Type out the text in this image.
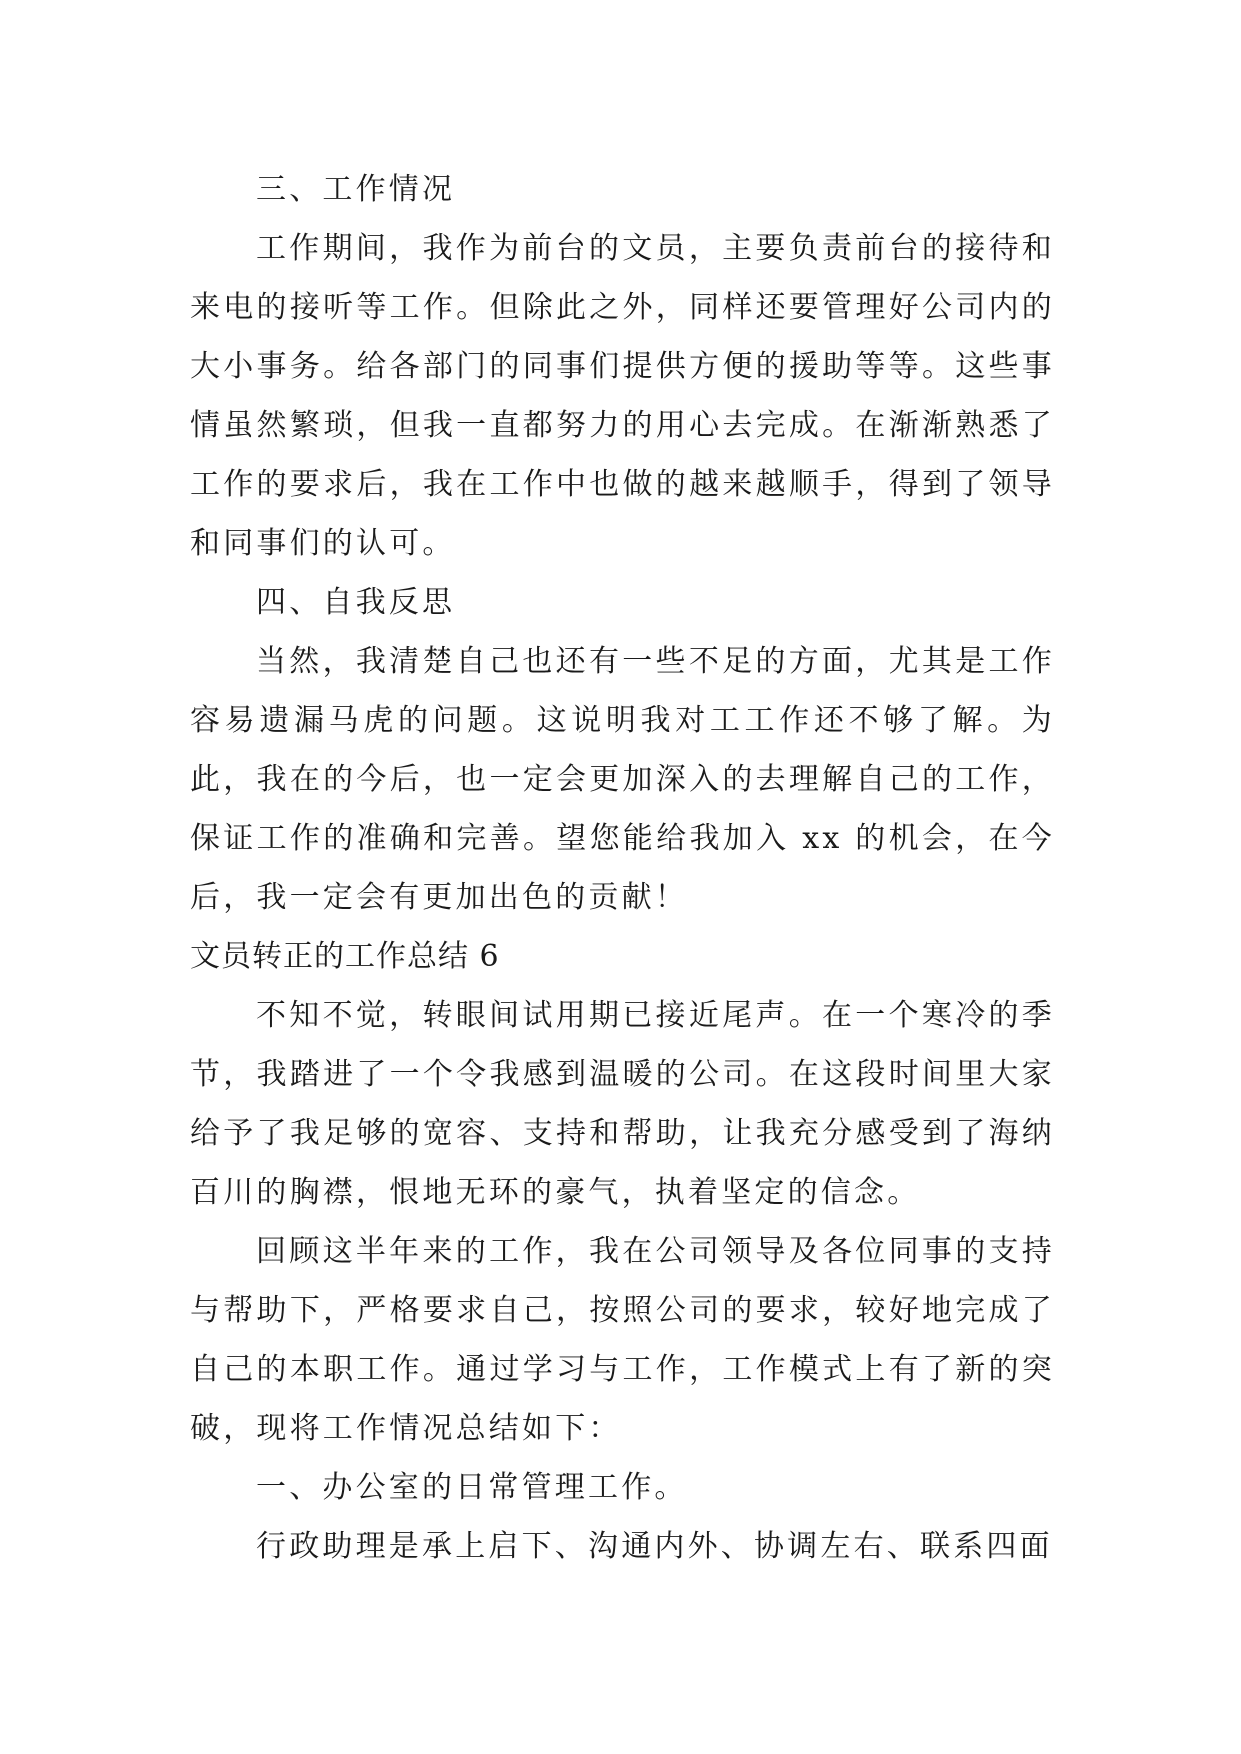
三、工作情况

工作期间，我作为前台的文员，主要负责前台的接待和来电的接听等工作。但除此之外，同样还要管理好公司内的大小事务。给各部门的同事们提供方便的援助等等。这些事情虽然繁琐，但我一直都努力的用心去完成。在渐渐熟悉了工作的要求后，我在工作中也做的越来越顺手，得到了领导和同事们的认可。

四、自我反思

当然，我清楚自己也还有一些不足的方面，尤其是工作容易遗漏马虎的问题。这说明我对工工作还不够了解。为此，我在的今后，也一定会更加深入的去理解自己的工作，保证工作的准确和完善。望您能给我加入 xx 的机会，在今后，我一定会有更加出色的贡献！

文员转正的工作总结 6

不知不觉，转眼间试用期已接近尾声。在一个寒冷的季节，我踏进了一个令我感到温暖的公司。在这段时间里大家给予了我足够的宽容、支持和帮助，让我充分感受到了海纳百川的胸襟，恨地无环的豪气，执着坚定的信念。

回顾这半年来的工作，我在公司领导及各位同事的支持与帮助下，严格要求自己，按照公司的要求，较好地完成了自己的本职工作。通过学习与工作，工作模式上有了新的突破，现将工作情况总结如下：

一、办公室的日常管理工作。

行政助理是承上启下、沟通内外、协调左右、联系四面
